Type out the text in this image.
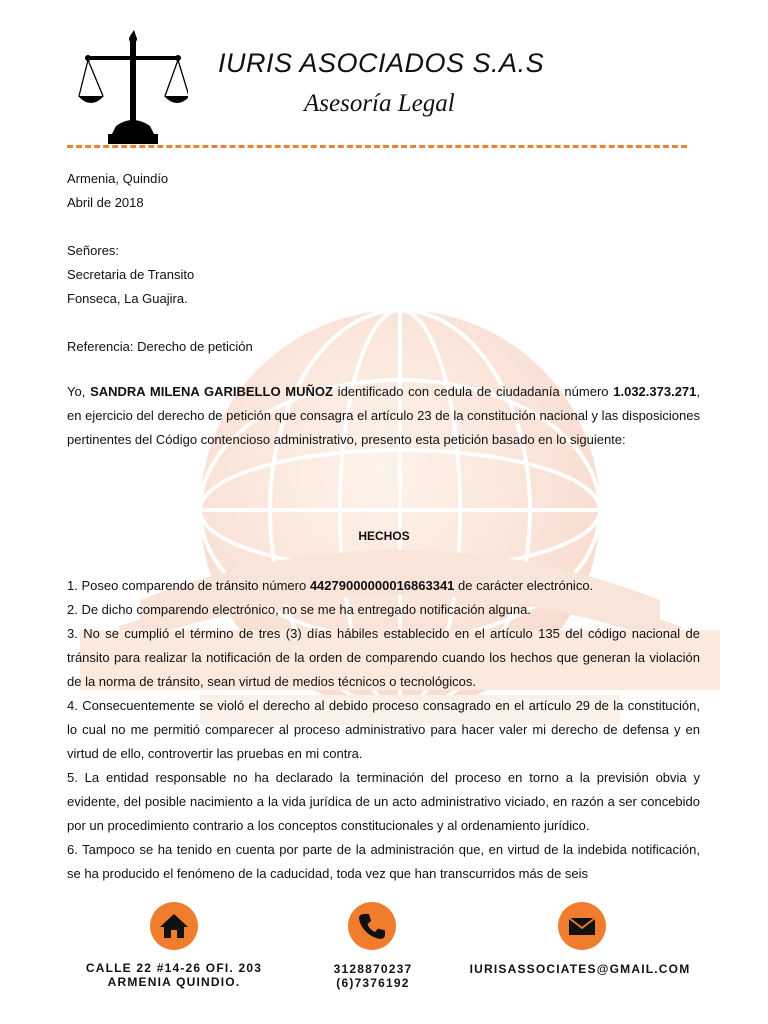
IURIS ASOCIADOS S.A.S
Asesoría Legal
Armenia, Quindío
Abril de 2018
Señores:
Secretaria de Transito
Fonseca, La Guajira.
Referencia: Derecho de petición
Yo, SANDRA MILENA GARIBELLO MUÑOZ identificado con cedula de ciudadanía número 1.032.373.271, en ejercicio del derecho de petición que consagra el artículo 23 de la constitución nacional y las disposiciones pertinentes del Código contencioso administrativo, presento esta petición basado en lo siguiente:
HECHOS
1. Poseo comparendo de tránsito número 44279000000016863341 de carácter electrónico.
2. De dicho comparendo electrónico, no se me ha entregado notificación alguna.
3. No se cumplió el término de tres (3) días hábiles establecido en el artículo 135 del código nacional de tránsito para realizar la notificación de la orden de comparendo cuando los hechos que generan la violación de la norma de tránsito, sean virtud de medios técnicos o tecnológicos.
4. Consecuentemente se violó el derecho al debido proceso consagrado en el artículo 29 de la constitución, lo cual no me permitió comparecer al proceso administrativo para hacer valer mi derecho de defensa y en virtud de ello, controvertir las pruebas en mi contra.
5. La entidad responsable no ha declarado la terminación del proceso en torno a la previsión obvia y evidente, del posible nacimiento a la vida jurídica de un acto administrativo viciado, en razón a ser concebido por un procedimiento contrario a los conceptos constitucionales y al ordenamiento jurídico.
6. Tampoco se ha tenido en cuenta por parte de la administración que, en virtud de la indebida notificación, se ha producido el fenómeno de la caducidad, toda vez que han transcurridos más de seis
CALLE 22 #14-26 OFI. 203
ARMENIA QUINDIO.
3128870237
(6)7376192
IURISASSOCIATES@GMAIL.COM
